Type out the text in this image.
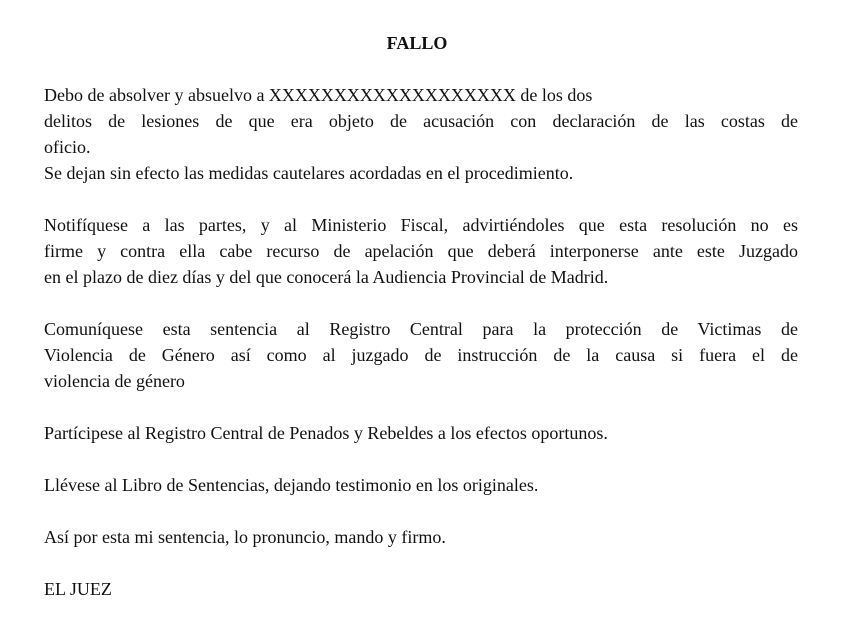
FALLO
Debo de absolver y absuelvo a XXXXXXXXXXXXXXXXXXX de los dos
delitos de lesiones de que era objeto de acusación con declaración de las costas de
oficio.
Se dejan sin efecto las medidas cautelares acordadas en el procedimiento.
Notifíquese a las partes, y al Ministerio Fiscal, advirtiéndoles que esta resolución no es
firme y contra ella cabe recurso de apelación que deberá interponerse ante este Juzgado
en el plazo de diez días y del que conocerá la Audiencia Provincial de Madrid.
Comuníquese esta sentencia al Registro Central para la protección de Victimas de
Violencia de Género así como al juzgado de instrucción de la causa si fuera el de
violencia de género
Partícipese al Registro Central de Penados y Rebeldes a los efectos oportunos.
Llévese al Libro de Sentencias, dejando testimonio en los originales.
Así por esta mi sentencia, lo pronuncio, mando y firmo.
EL JUEZ
